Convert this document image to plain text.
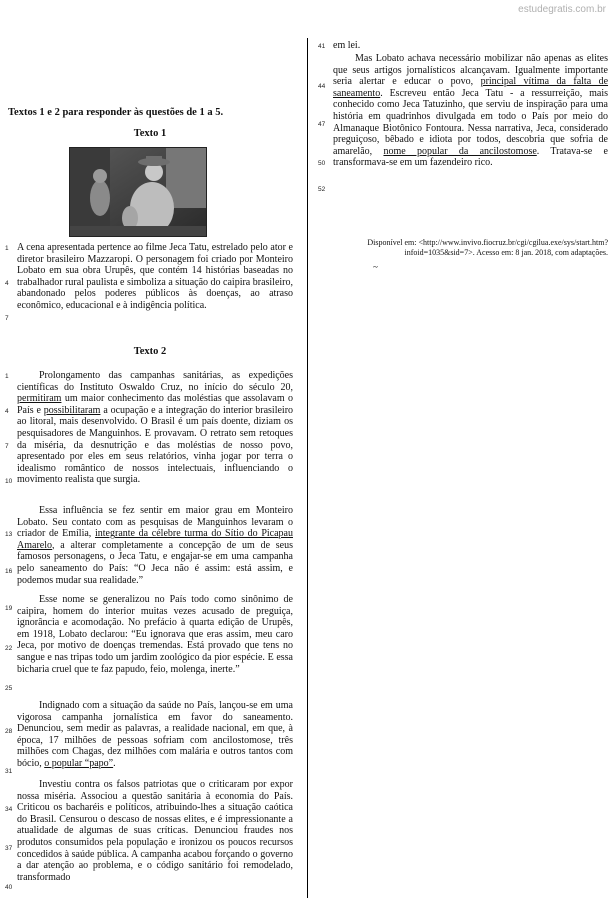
estudegratis.com.br
Textos 1 e 2 para responder às questões de 1 a 5.
Texto 1
1
4
7

A cena apresentada pertence ao filme Jeca Tatu, estrelado pelo ator e diretor brasileiro Mazzaropi. O personagem foi criado por Monteiro Lobato em sua obra Urupês, que contém 14 histórias baseadas no trabalhador rural paulista e simboliza a situação do caipira brasileiro, abandonado pelos poderes públicos às doenças, ao atraso econômico, educacional e à indigência política.

Texto 2

Prolongamento das campanhas sanitárias, as expedições científicas do Instituto Oswaldo Cruz, no início do século 20, permitiram um maior conhecimento das moléstias que assolavam o País e possibilitaram a ocupação e a integração do interior brasileiro ao litoral, mais desenvolvido. O Brasil é um país doente, diziam os pesquisadores de Manguinhos. E provavam. O retrato sem retoques da miséria, da desnutrição e das moléstias de nosso povo, apresentado por eles em seus relatórios, vinha jogar por terra o idealismo romântico de nossos intelectuais, influenciando o movimento realista que surgia.

Essa influência se fez sentir em maior grau em Monteiro Lobato. Seu contato com as pesquisas de Manguinhos levaram o criador de Emília, integrante da célebre turma do Sítio do Picapau Amarelo, a alterar completamente a concepção de um de seus famosos personagens, o Jeca Tatu, e engajar-se em uma campanha pelo saneamento do País: “O Jeca não é assim: está assim, e podemos mudar sua realidade.”

Esse nome se generalizou no País todo como sinônimo de caipira, homem do interior muitas vezes acusado de preguiça, ignorância e acomodação. No prefácio à quarta edição de Urupês, em 1918, Lobato declarou: “Eu ignorava que eras assim, meu caro Jeca, por motivo de doenças tremendas. Está provado que tens no sangue e nas tripas todo um jardim zoológico da pior espécie. E essa bicharia cruel que te faz papudo, feio, molenga, inerte.”

Indignado com a situação da saúde no País, lançou-se em uma vigorosa campanha jornalística em favor do saneamento. Denunciou, sem medir as palavras, a realidade nacional, em que, à época, 17 milhões de pessoas sofriam com ancilostomose, três milhões com Chagas, dez milhões com malária e outros tantos com bócio, o popular “papo”.

Investiu contra os falsos patriotas que o criticaram por expor nossa miséria. Associou a questão sanitária à economia do País. Criticou os bacharéis e políticos, atribuindo-lhes a situação caótica do Brasil. Censurou o descaso de nossas elites, e é impressionante a atualidade de algumas de suas críticas. Denunciou fraudes nos produtos consumidos pela população e ironizou os poucos recursos concedidos à saúde pública. A campanha acabou forçando o governo a dar atenção ao problema, e o código sanitário foi remodelado, transformado

1
4
7
10
13
16
19
22
25
28
31
34
37
40
41
44
47
50
52

em lei.

Mas Lobato achava necessário mobilizar não apenas as elites que seus artigos jornalísticos alcançavam. Igualmente importante seria alertar e educar o povo, principal vítima da falta de saneamento. Escreveu então Jeca Tatu - a ressurreição, mais conhecido como Jeca Tatuzinho, que serviu de inspiração para uma história em quadrinhos divulgada em todo o País por meio do Almanaque Biotônico Fontoura. Nessa narrativa, Jeca, considerado preguiçoso, bêbado e idiota por todos, descobria que sofria de amarelão, nome popular da ancilostomose. Tratava-se e transformava-se em um fazendeiro rico.

Disponível em: <http://www.invivo.fiocruz.br/cgi/cgilua.exe/sys/start.htm?infoid=1035&sid=7>. Acesso em: 8 jan. 2018, com adaptações.

~
